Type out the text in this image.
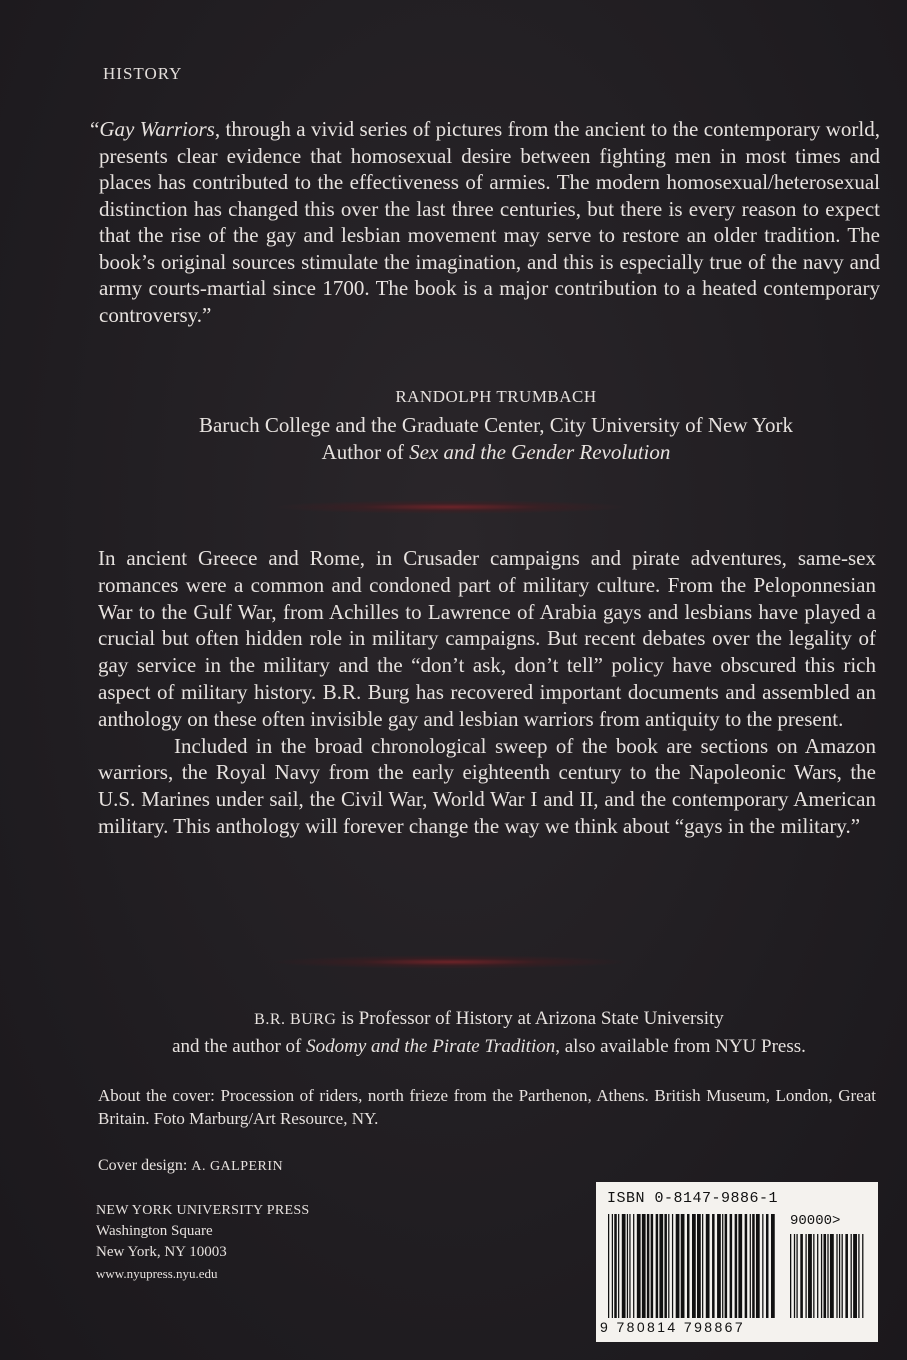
HISTORY
“Gay Warriors, through a vivid series of pictures from the ancient to the contemporary world, presents clear evidence that homosexual desire between fighting men in most times and places has contributed to the effectiveness of armies. The modern homosexual/heterosexual distinction has changed this over the last three centuries, but there is every reason to expect that the rise of the gay and lesbian movement may serve to restore an older tradition. The book’s original sources stimulate the imagination, and this is especially true of the navy and army courts-martial since 1700. The book is a major contribution to a heated contemporary controversy.”
RANDOLPH TRUMBACH
Baruch College and the Graduate Center, City University of New York
Author of Sex and the Gender Revolution

In ancient Greece and Rome, in Crusader campaigns and pirate adventures, same-sex romances were a common and condoned part of military culture. From the Peloponnesian War to the Gulf War, from Achilles to Lawrence of Arabia gays and lesbians have played a crucial but often hidden role in military campaigns. But recent debates over the legality of gay service in the military and the “don’t ask, don’t tell” policy have obscured this rich aspect of military history. B.R. Burg has recovered important documents and assembled an anthology on these often invisible gay and lesbian warriors from antiquity to the present.

Included in the broad chronological sweep of the book are sections on Amazon warriors, the Royal Navy from the early eighteenth century to the Napoleonic Wars, the U.S. Marines under sail, the Civil War, World War I and II, and the contemporary American military. This anthology will forever change the way we think about “gays in the military.”

B.R. BURG is Professor of History at Arizona State University
and the author of Sodomy and the Pirate Tradition, also available from NYU Press.
About the cover: Procession of riders, north frieze from the Parthenon, Athens. British Museum, London, Great Britain. Foto Marburg/Art Resource, NY.
Cover design: A. GALPERIN
NEW YORK UNIVERSITY PRESS
Washington Square
New York, NY 10003
www.nyupress.nyu.edu
ISBN 0-8147-9886-1
90000>
9 780814 798867
